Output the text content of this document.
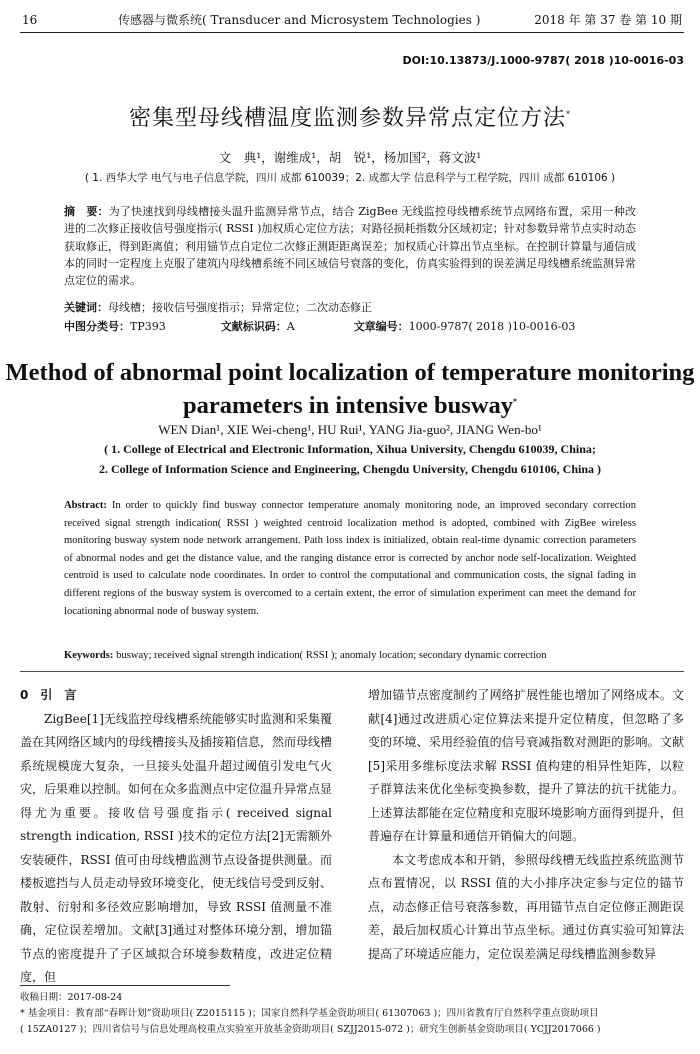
16	传感器与微系统( Transducer and Microsystem Technologies )	2018 年 第 37 卷 第 10 期
DOI:10.13873/J.1000-9787( 2018 )10-0016-03
密集型母线槽温度监测参数异常点定位方法*
文　典¹，谢维成¹，胡　锐¹，杨加国²，蒋文波¹
( 1. 西华大学 电气与电子信息学院，四川 成都 610039；2. 成都大学 信息科学与工程学院，四川 成都 610106 )
摘　要：为了快速找到母线槽接头温升监测异常节点，结合 ZigBee 无线监控母线槽系统节点网络布置，采用一种改进的二次修正接收信号强度指示( RSSI )加权质心定位方法；对路径损耗指数分区域初定；针对参数异常节点实时动态获取修正，得到距离值；利用锚节点自定位二次修正测距距离误差；加权质心计算出节点坐标。在控制计算量与通信成本的同时一定程度上克服了建筑内母线槽系统不同区域信号衰落的变化，仿真实验得到的误差满足母线槽系统监测异常点定位的需求。
关键词：母线槽；接收信号强度指示；异常定位；二次动态修正
中图分类号：TP393	文献标识码：A	文章编号：1000-9787( 2018 )10-0016-03
Method of abnormal point localization of temperature monitoring parameters in intensive busway*
WEN Dian¹, XIE Wei-cheng¹, HU Rui¹, YANG Jia-guo², JIANG Wen-bo¹
( 1. College of Electrical and Electronic Information, Xihua University, Chengdu 610039, China;
2. College of Information Science and Engineering, Chengdu University, Chengdu 610106, China )
Abstract: In order to quickly find busway connector temperature anomaly monitoring node, an improved secondary correction received signal strength indication( RSSI ) weighted centroid localization method is adopted, combined with ZigBee wireless monitoring busway system node network arrangement. Path loss index is initialized, obtain real-time dynamic correction parameters of abnormal nodes and get the distance value, and the ranging distance error is corrected by anchor node self-localization. Weighted centroid is used to calculate node coordinates. In order to control the computational and communication costs, the signal fading in different regions of the busway system is overcomed to a certain extent, the error of simulation experiment can meet the demand for locationing abnormal node of busway system.
Keywords: busway; received signal strength indication( RSSI ); anomaly location; secondary dynamic correction

0　引　言

ZigBee[1]无线监控母线槽系统能够实时监测和采集覆盖在其网络区域内的母线槽接头及插接箱信息，然而母线槽系统规模庞大复杂，一旦接头处温升超过阈值引发电气火灾，后果难以控制。如何在众多监测点中定位温升异常点显得尤为重要。接收信号强度指示( received signal strength indication, RSSI )技术的定位方法[2]无需额外安装硬件，RSSI 值可由母线槽监测节点设备提供测量。而楼板遮挡与人员走动导致环境变化，使无线信号受到反射、散射、衍射和多径效应影响增加，导致 RSSI 值测量不准确，定位误差增加。文献[3]通过对整体环境分割，增加锚节点的密度提升了子区域拟合环境参数精度，改进定位精度，但

增加锚节点密度制约了网络扩展性能也增加了网络成本。文献[4]通过改进质心定位算法来提升定位精度，但忽略了多变的环境、采用经验值的信号衰减指数对测距的影响。文献[5]采用多维标度法求解 RSSI 值构建的相异性矩阵，以粒子群算法来优化坐标变换参数，提升了算法的抗干扰能力。上述算法都能在定位精度和克服环境影响方面得到提升，但普遍存在计算量和通信开销偏大的问题。

本文考虑成本和开销，参照母线槽无线监控系统监测节点布置情况，以 RSSI 值的大小排序决定参与定位的锚节点，动态修正信号衰落参数，再用锚节点自定位修正测距误差，最后加权质心计算出节点坐标。通过仿真实验可知算法提高了环境适应能力，定位误差满足母线槽监测参数异

收稿日期：2017-08-24
* 基金项目：教育部“春晖计划”资助项目( Z2015115 )；国家自然科学基金资助项目( 61307063 )；四川省教育厅自然科学重点资助项目
( 15ZA0127 )；四川省信号与信息处理高校重点实验室开放基金资助项目( SZJJ2015-072 )；研究生创新基金资助项目( YCJJ2017066 )
